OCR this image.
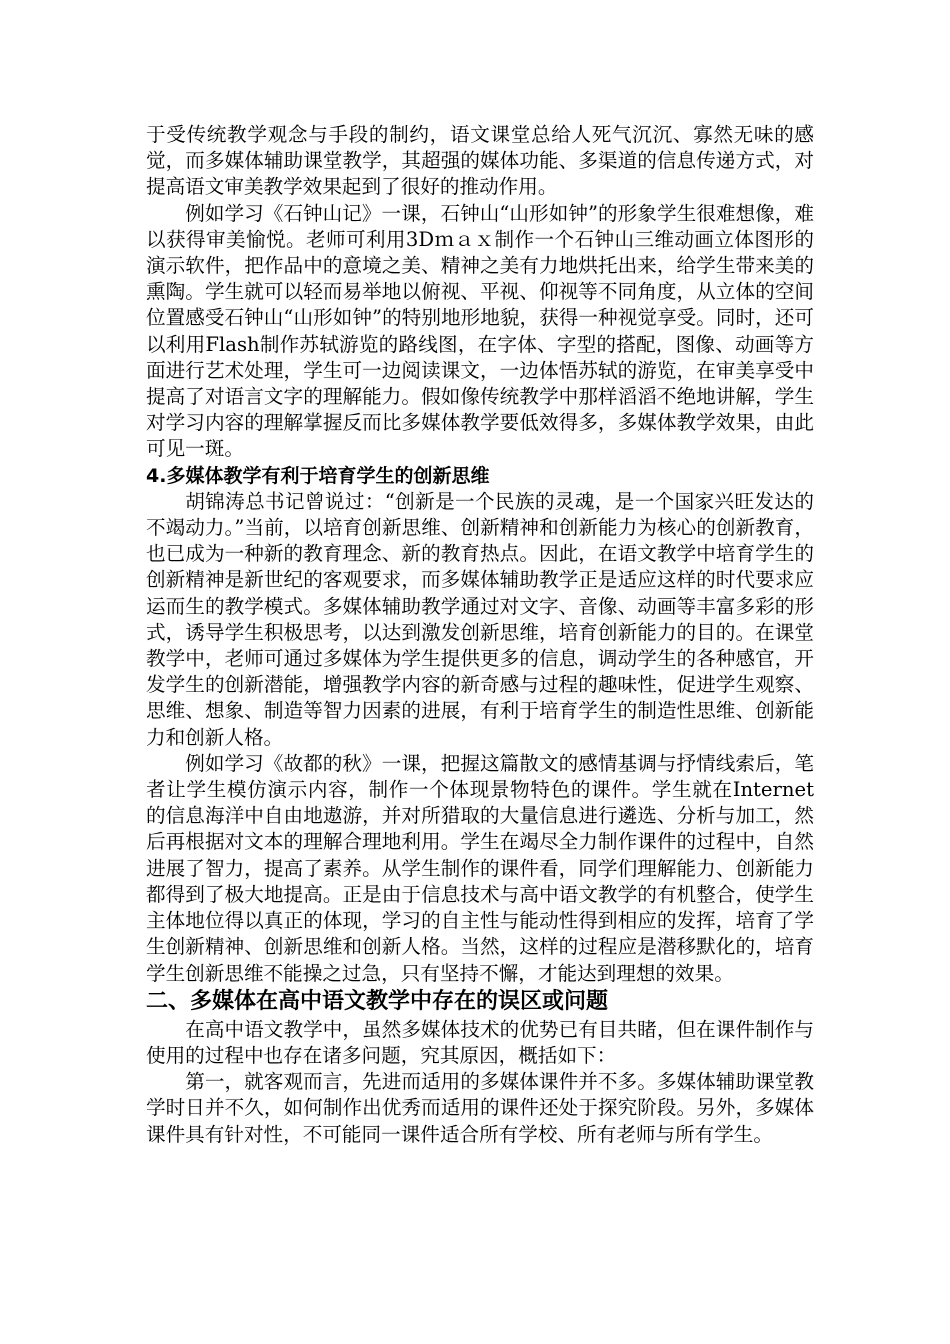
于受传统教学观念与手段的制约，语文课堂总给人死气沉沉、寡然无味的感觉，而多媒体辅助课堂教学，其超强的媒体功能、多渠道的信息传递方式，对提高语文审美教学效果起到了很好的推动作用。

例如学习《石钟山记》一课，石钟山“山形如钟”的形象学生很难想像，难以获得审美愉悦。老师可利用3Dｍａｘ制作一个石钟山三维动画立体图形的演示软件，把作品中的意境之美、精神之美有力地烘托出来，给学生带来美的熏陶。学生就可以轻而易举地以俯视、平视、仰视等不同角度，从立体的空间位置感受石钟山“山形如钟”的特别地形地貌，获得一种视觉享受。同时，还可以利用Flash制作苏轼游览的路线图，在字体、字型的搭配，图像、动画等方面进行艺术处理，学生可一边阅读课文，一边体悟苏轼的游览，在审美享受中提高了对语言文字的理解能力。假如像传统教学中那样滔滔不绝地讲解，学生对学习内容的理解掌握反而比多媒体教学要低效得多，多媒体教学效果，由此可见一斑。

4.多媒体教学有利于培育学生的创新思维

胡锦涛总书记曾说过：“创新是一个民族的灵魂，是一个国家兴旺发达的不竭动力。”当前，以培育创新思维、创新精神和创新能力为核心的创新教育，也已成为一种新的教育理念、新的教育热点。因此，在语文教学中培育学生的创新精神是新世纪的客观要求，而多媒体辅助教学正是适应这样的时代要求应运而生的教学模式。多媒体辅助教学通过对文字、音像、动画等丰富多彩的形式，诱导学生积极思考，以达到激发创新思维，培育创新能力的目的。在课堂教学中，老师可通过多媒体为学生提供更多的信息，调动学生的各种感官，开发学生的创新潜能，增强教学内容的新奇感与过程的趣味性，促进学生观察、思维、想象、制造等智力因素的进展，有利于培育学生的制造性思维、创新能力和创新人格。

例如学习《故都的秋》一课，把握这篇散文的感情基调与抒情线索后，笔者让学生模仿演示内容，制作一个体现景物特色的课件。学生就在Internet的信息海洋中自由地遨游，并对所猎取的大量信息进行遴选、分析与加工，然后再根据对文本的理解合理地利用。学生在竭尽全力制作课件的过程中，自然进展了智力，提高了素养。从学生制作的课件看，同学们理解能力、创新能力都得到了极大地提高。正是由于信息技术与高中语文教学的有机整合，使学生主体地位得以真正的体现，学习的自主性与能动性得到相应的发挥，培育了学生创新精神、创新思维和创新人格。当然，这样的过程应是潜移默化的，培育学生创新思维不能操之过急，只有坚持不懈，才能达到理想的效果。

二、多媒体在高中语文教学中存在的误区或问题

在高中语文教学中，虽然多媒体技术的优势已有目共睹，但在课件制作与使用的过程中也存在诸多问题，究其原因，概括如下：

第一，就客观而言，先进而适用的多媒体课件并不多。多媒体辅助课堂教学时日并不久，如何制作出优秀而适用的课件还处于探究阶段。另外，多媒体课件具有针对性，不可能同一课件适合所有学校、所有老师与所有学生。
